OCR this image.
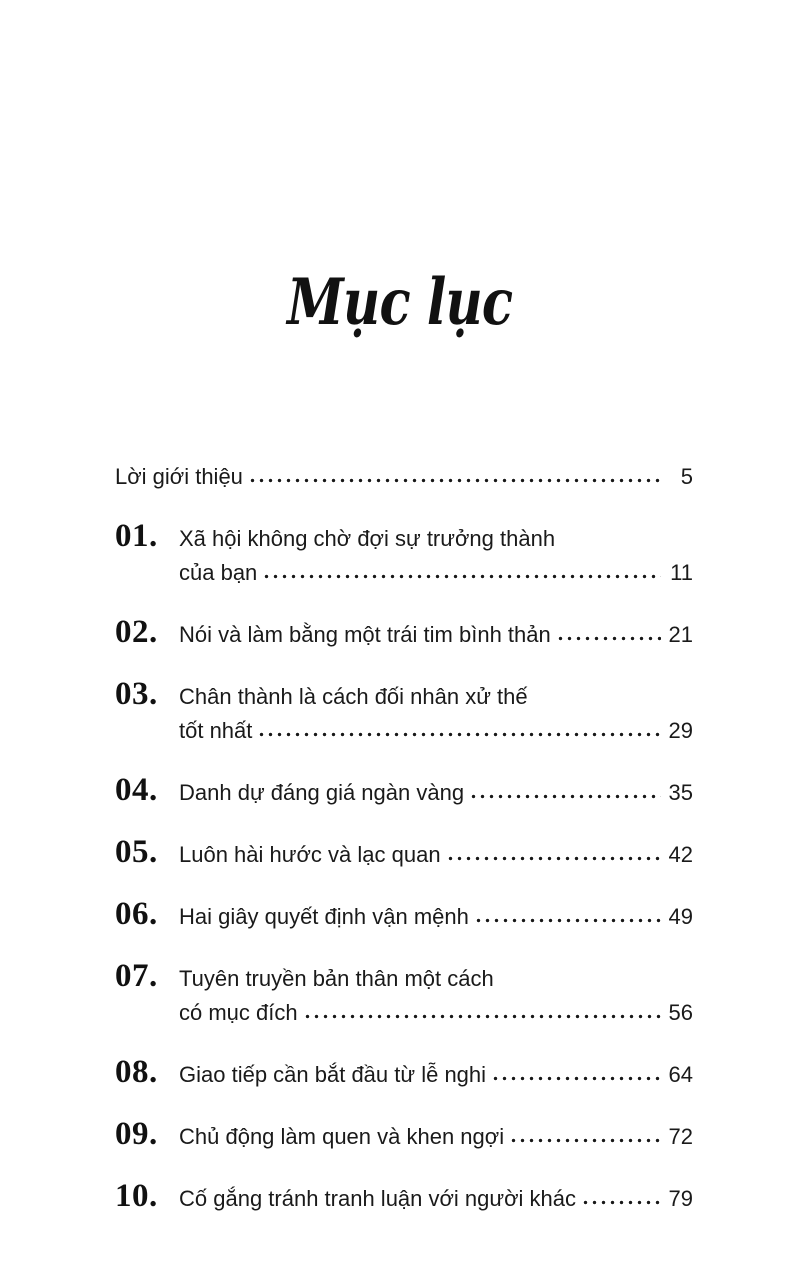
Mục lục
Lời giới thiệu	5
01. Xã hội không chờ đợi sự trưởng thành
của bạn	11
02. Nói và làm bằng một trái tim bình thản	21
03. Chân thành là cách đối nhân xử thế
tốt nhất	29
04. Danh dự đáng giá ngàn vàng	35
05. Luôn hài hước và lạc quan	42
06. Hai giây quyết định vận mệnh	49
07. Tuyên truyền bản thân một cách
có mục đích	56
08. Giao tiếp cần bắt đầu từ lễ nghi	64
09. Chủ động làm quen và khen ngợi	72
10. Cố gắng tránh tranh luận với người khác	79
